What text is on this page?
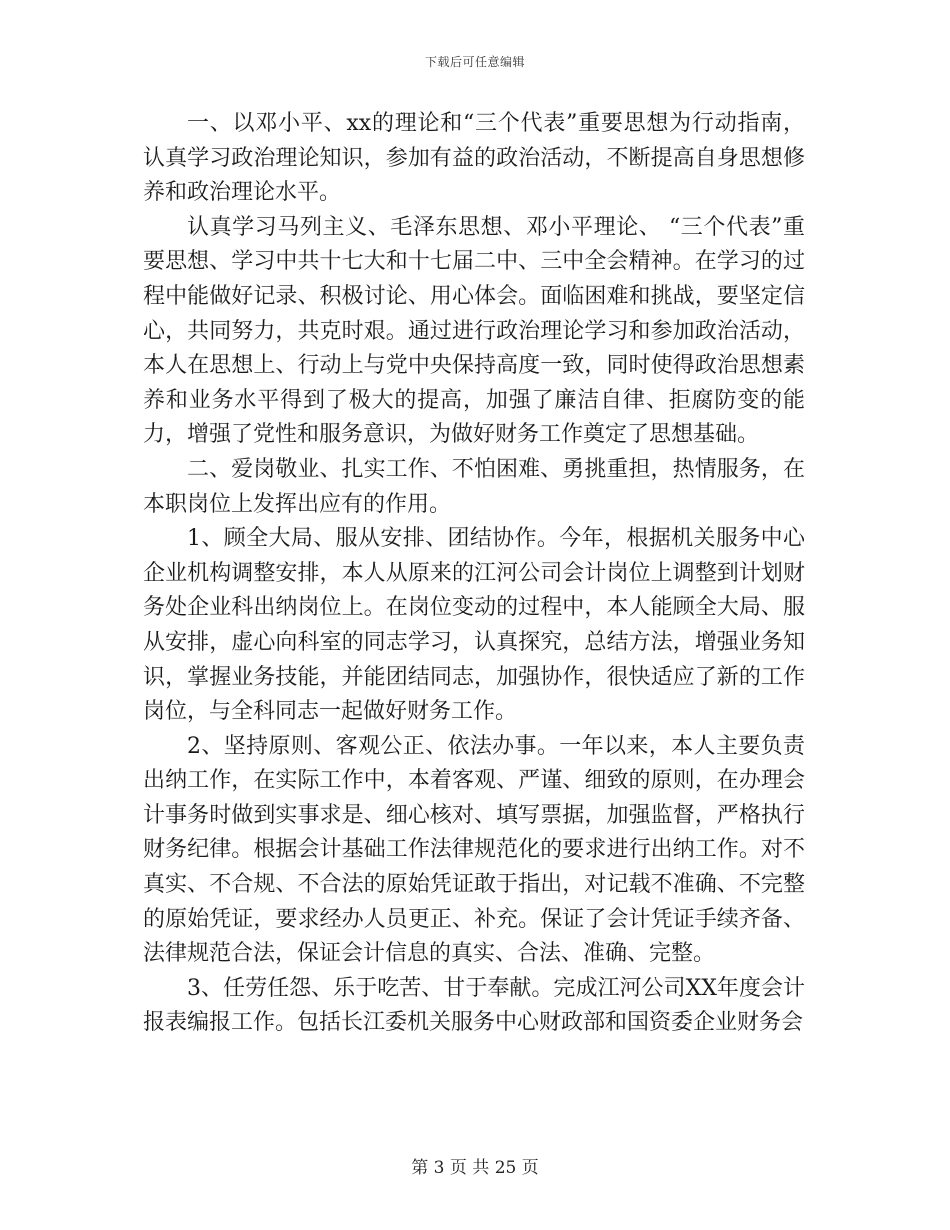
下载后可任意编辑

一、以邓小平、xx的理论和“三个代表”重要思想为行动指南，认真学习政治理论知识，参加有益的政治活动，不断提高自身思想修养和政治理论水平。

认真学习马列主义、毛泽东思想、邓小平理论、 “三个代表”重要思想、学习中共十七大和十七届二中、三中全会精神。在学习的过程中能做好记录、积极讨论、用心体会。面临困难和挑战，要坚定信心，共同努力，共克时艰。通过进行政治理论学习和参加政治活动，本人在思想上、行动上与党中央保持高度一致，同时使得政治思想素养和业务水平得到了极大的提高，加强了廉洁自律、拒腐防变的能力，增强了党性和服务意识，为做好财务工作奠定了思想基础。

二、爱岗敬业、扎实工作、不怕困难、勇挑重担，热情服务，在本职岗位上发挥出应有的作用。

1、顾全大局、服从安排、团结协作。今年，根据机关服务中心企业机构调整安排，本人从原来的江河公司会计岗位上调整到计划财务处企业科出纳岗位上。在岗位变动的过程中，本人能顾全大局、服从安排，虚心向科室的同志学习，认真探究，总结方法，增强业务知识，掌握业务技能，并能团结同志，加强协作，很快适应了新的工作岗位，与全科同志一起做好财务工作。

2、坚持原则、客观公正、依法办事。一年以来，本人主要负责出纳工作，在实际工作中，本着客观、严谨、细致的原则，在办理会计事务时做到实事求是、细心核对、填写票据，加强监督，严格执行财务纪律。根据会计基础工作法律规范化的要求进行出纳工作。对不真实、不合规、不合法的原始凭证敢于指出，对记载不准确、不完整的原始凭证，要求经办人员更正、补充。保证了会计凭证手续齐备、法律规范合法，保证会计信息的真实、合法、准确、完整。

3、任劳任怨、乐于吃苦、甘于奉献。完成江河公司XX年度会计报表编报工作。包括长江委机关服务中心财政部和国资委企业财务会

第 3 页 共 25 页
